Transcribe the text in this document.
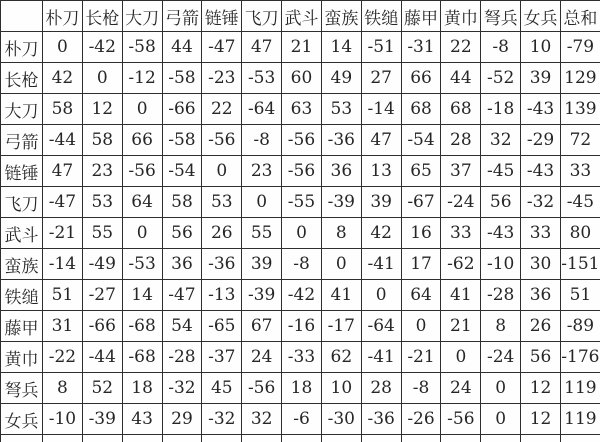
	朴刀	长枪	大刀	弓箭	链锤	飞刀	武斗	蛮族	铁缒	藤甲	黄巾	弩兵	女兵	总和
朴刀	0	-42	-58	44	-47	47	21	14	-51	-31	22	-8	10	-79
长枪	42	0	-12	-58	-23	-53	60	49	27	66	44	-52	39	129
大刀	58	12	0	-66	22	-64	63	53	-14	68	68	-18	-43	139
弓箭	-44	58	66	-58	-56	-8	-56	-36	47	-54	28	32	-29	72
链锤	47	23	-56	-54	0	23	-56	36	13	65	37	-45	-43	33
飞刀	-47	53	64	58	53	0	-55	-39	39	-67	-24	56	-32	-45
武斗	-21	55	0	56	26	55	0	8	42	16	33	-43	33	80
蛮族	-14	-49	-53	36	-36	39	-8	0	-41	17	-62	-10	30	-151
铁缒	51	-27	14	-47	-13	-39	-42	41	0	64	41	-28	36	51
藤甲	31	-66	-68	54	-65	67	-16	-17	-64	0	21	8	26	-89
黄巾	-22	-44	-68	-28	-37	24	-33	62	-41	-21	0	-24	56	-176
弩兵	8	52	18	-32	45	-56	18	10	28	-8	24	0	12	119
女兵	-10	-39	43	29	-32	32	-6	-30	-36	-26	-56	0	12	119
